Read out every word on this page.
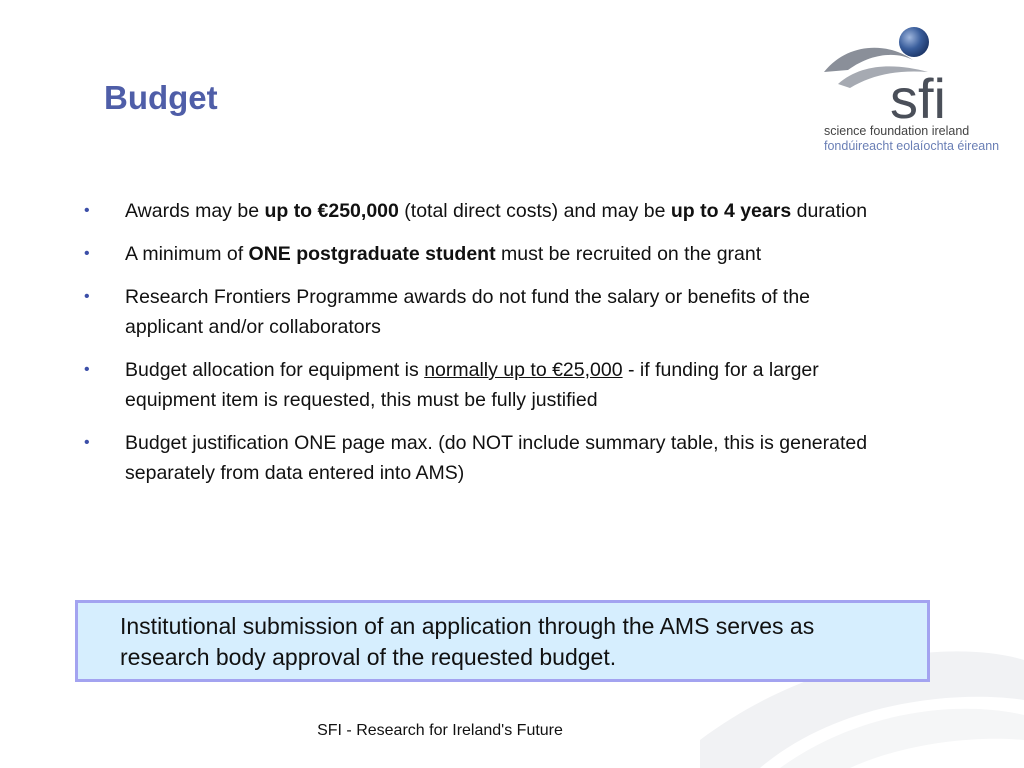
Budget	sfi
science foundation ireland
fondúireacht eolaíochta éireann
• Awards may be up to €250,000 (total direct costs) and may be up to 4 years duration
• A minimum of ONE postgraduate student must be recruited on the grant
• Research Frontiers Programme awards do not fund the salary or benefits of the applicant and/or collaborators
• Budget allocation for equipment is normally up to €25,000 - if funding for a larger equipment item is requested, this must be fully justified
• Budget justification ONE page max. (do NOT include summary table, this is generated separately from data entered into AMS)
Institutional submission of an application through the AMS serves as research body approval of the requested budget.
SFI - Research for Ireland's Future
